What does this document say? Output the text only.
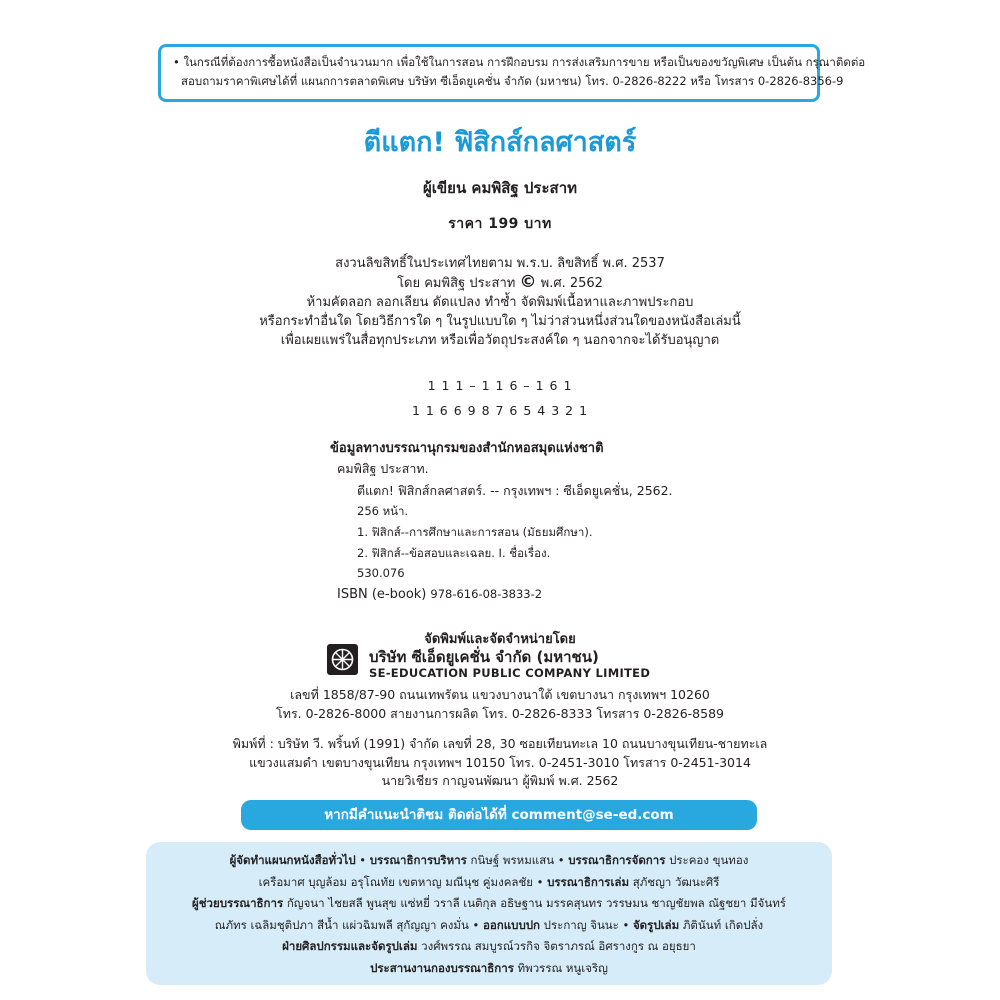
• ในกรณีที่ต้องการซื้อหนังสือเป็นจำนวนมาก เพื่อใช้ในการสอน การฝึกอบรม การส่งเสริมการขาย หรือเป็นของขวัญพิเศษ เป็นต้น กรุณาติดต่อ

สอบถามราคาพิเศษได้ที่ แผนกการตลาดพิเศษ บริษัท ซีเอ็ดยูเคชั่น จำกัด (มหาชน) โทร. 0-2826-8222 หรือ โทรสาร 0-2826-8356-9

ตีแตก! ฟิสิกส์กลศาสตร์
ผู้เขียน คมพิสิฐ ประสาท
ราคา 199 บาท
สงวนลิขสิทธิ์ในประเทศไทยตาม พ.ร.บ. ลิขสิทธิ์ พ.ศ. 2537
โดย คมพิสิฐ ประสาท © พ.ศ. 2562
ห้ามคัดลอก ลอกเลียน ดัดแปลง ทำซ้ำ จัดพิมพ์เนื้อหาและภาพประกอบ
หรือกระทำอื่นใด โดยวิธีการใด ๆ ในรูปแบบใด ๆ ไม่ว่าส่วนหนึ่งส่วนใดของหนังสือเล่มนี้
เพื่อเผยแพร่ในสื่อทุกประเภท หรือเพื่อวัตถุประสงค์ใด ๆ นอกจากจะได้รับอนุญาต
1 1 1 – 1 1 6 – 1 6 1
1 1 6 6 9 8 7 6 5 4 3 2 1
ข้อมูลทางบรรณานุกรมของสำนักหอสมุดแห่งชาติ
คมพิสิฐ ประสาท.
ตีแตก! ฟิสิกส์กลศาสตร์. -- กรุงเทพฯ : ซีเอ็ดยูเคชั่น, 2562.
256 หน้า.
1. ฟิสิกส์--การศึกษาและการสอน (มัธยมศึกษา).
2. ฟิสิกส์--ข้อสอบและเฉลย. I. ชื่อเรื่อง.
530.076
ISBN (e-book) 978-616-08-3833-2
จัดพิมพ์และจัดจำหน่ายโดย
บริษัท ซีเอ็ดยูเคชั่น จำกัด (มหาชน)
SE-EDUCATION PUBLIC COMPANY LIMITED
เลขที่ 1858/87-90 ถนนเทพรัตน แขวงบางนาใต้ เขตบางนา กรุงเทพฯ 10260
โทร. 0-2826-8000 สายงานการผลิต โทร. 0-2826-8333 โทรสาร 0-2826-8589
พิมพ์ที่ : บริษัท วี. พริ้นท์ (1991) จำกัด เลขที่ 28, 30 ซอยเทียนทะเล 10 ถนนบางขุนเทียน-ชายทะเล
แขวงแสมดำ เขตบางขุนเทียน กรุงเทพฯ 10150 โทร. 0-2451-3010 โทรสาร 0-2451-3014
นายวิเชียร กาญจนพัฒนา ผู้พิมพ์ พ.ศ. 2562
หากมีคำแนะนำติชม ติดต่อได้ที่ comment@se-ed.com
ผู้จัดทำแผนกหนังสือทั่วไป • บรรณาธิการบริหาร กนิษฐ์ พรหมแสน • บรรณาธิการจัดการ ประคอง ขุนทอง
เครือมาศ บุญล้อม อรุโณทัย เขตหาญ มณีนุช คู่มงคลชัย • บรรณาธิการเล่ม สุภัชญา วัฒนะศิรี
ผู้ช่วยบรรณาธิการ กัญจนา ไชยสลี พูนสุข แซ่หยี่ วราลี เนติกุล อธิษฐาน มรรคสุนทร วรรษมน ชาญชัยพล ณัฐชยา มีจันทร์
ณภัทร เฉลิมชุติปภา สีน้ำ แผ่วฉิมพลี สุกัญญา คงมั่น • ออกแบบปก ประกาญ จินนะ • จัดรูปเล่ม ภิตินันท์ เกิดปลั่ง
ฝ่ายศิลปกรรมและจัดรูปเล่ม วงศ์พรรณ สมบูรณ์วรกิจ จิตราภรณ์ อิศรางกูร ณ อยุธยา
ประสานงานกองบรรณาธิการ ทิพวรรณ หนูเจริญ
